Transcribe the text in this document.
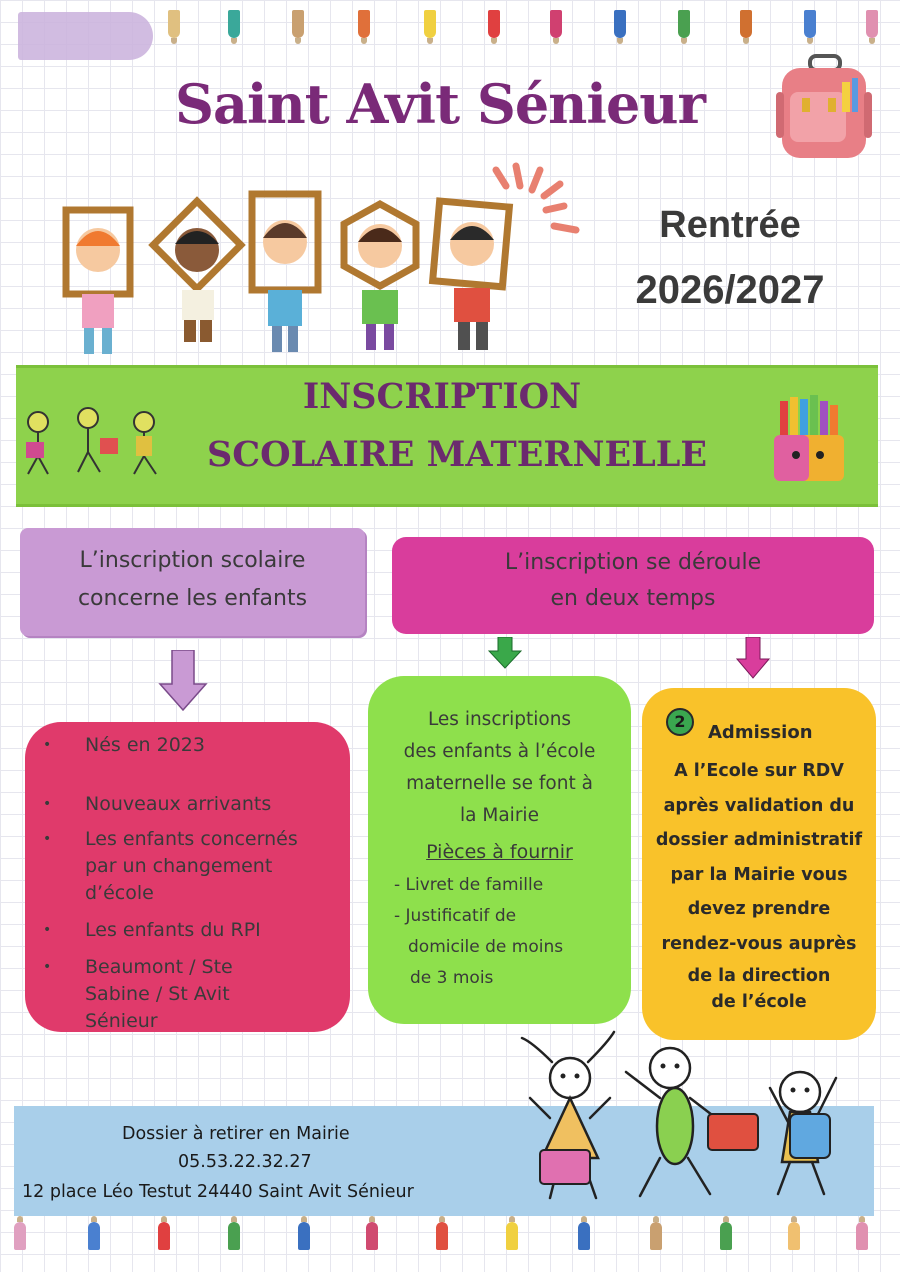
Saint Avit Sénieur
Rentrée
2026/2027
INSCRIPTION
SCOLAIRE MATERNELLE
L’inscription scolaire
concerne les enfants
L’inscription se déroule
en deux temps
• Nés en 2023
• Nouveaux arrivants
• Les enfants concernés par un changement d’école
• Les enfants du RPI
• Beaumont / Ste Sabine / St Avit Sénieur
Les inscriptions
des enfants à l’école
maternelle se font à
la Mairie
Pièces à fournir
- Livret de famille
- Justificatif de
domicile de moins
de 3 mois
2
Admission
A l’Ecole sur RDV
après validation du
dossier administratif
par la Mairie vous
devez prendre
rendez-vous auprès
de la direction
de l’école
Dossier à retirer en Mairie
05.53.22.32.27
12 place Léo Testut 24440 Saint Avit Sénieur
